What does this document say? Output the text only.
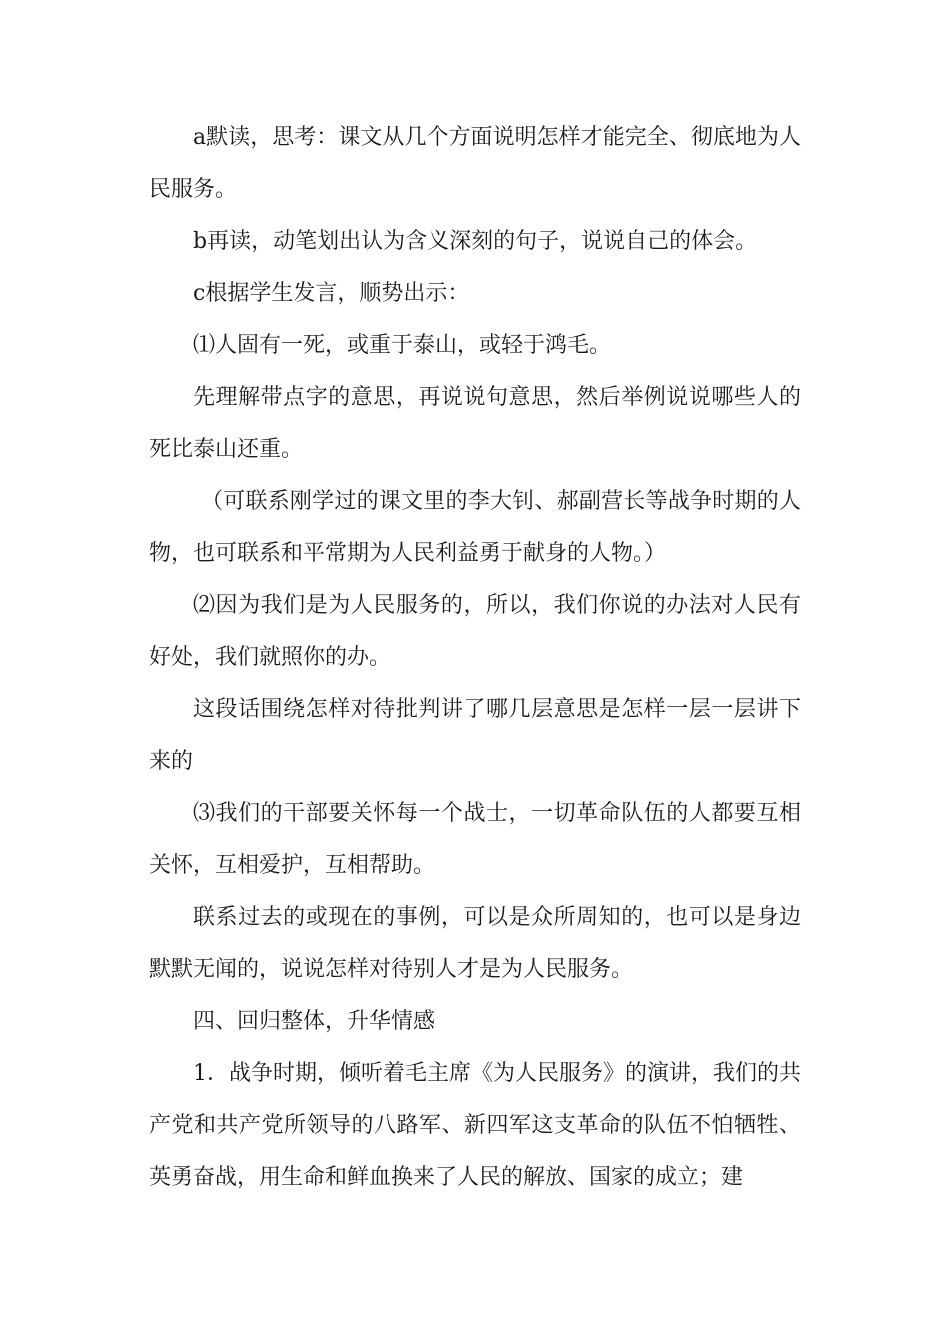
a默读，思考：课文从几个方面说明怎样才能完全、彻底地为人民服务。

b再读，动笔划出认为含义深刻的句子，说说自己的体会。

c根据学生发言，顺势出示：

⑴人固有一死，或重于泰山，或轻于鸿毛。

先理解带点字的意思，再说说句意思，然后举例说说哪些人的死比泰山还重。

（可联系刚学过的课文里的李大钊、郝副营长等战争时期的人物，也可联系和平常期为人民利益勇于献身的人物。）

⑵因为我们是为人民服务的，所以，我们你说的办法对人民有好处，我们就照你的办。

这段话围绕怎样对待批判讲了哪几层意思是怎样一层一层讲下来的

⑶我们的干部要关怀每一个战士，一切革命队伍的人都要互相关怀，互相爱护，互相帮助。

联系过去的或现在的事例，可以是众所周知的，也可以是身边默默无闻的，说说怎样对待别人才是为人民服务。

四、回归整体，升华情感

1．战争时期，倾听着毛主席《为人民服务》的演讲，我们的共产党和共产党所领导的八路军、新四军这支革命的队伍不怕牺牲、英勇奋战，用生命和鲜血换来了人民的解放、国家的成立；建
